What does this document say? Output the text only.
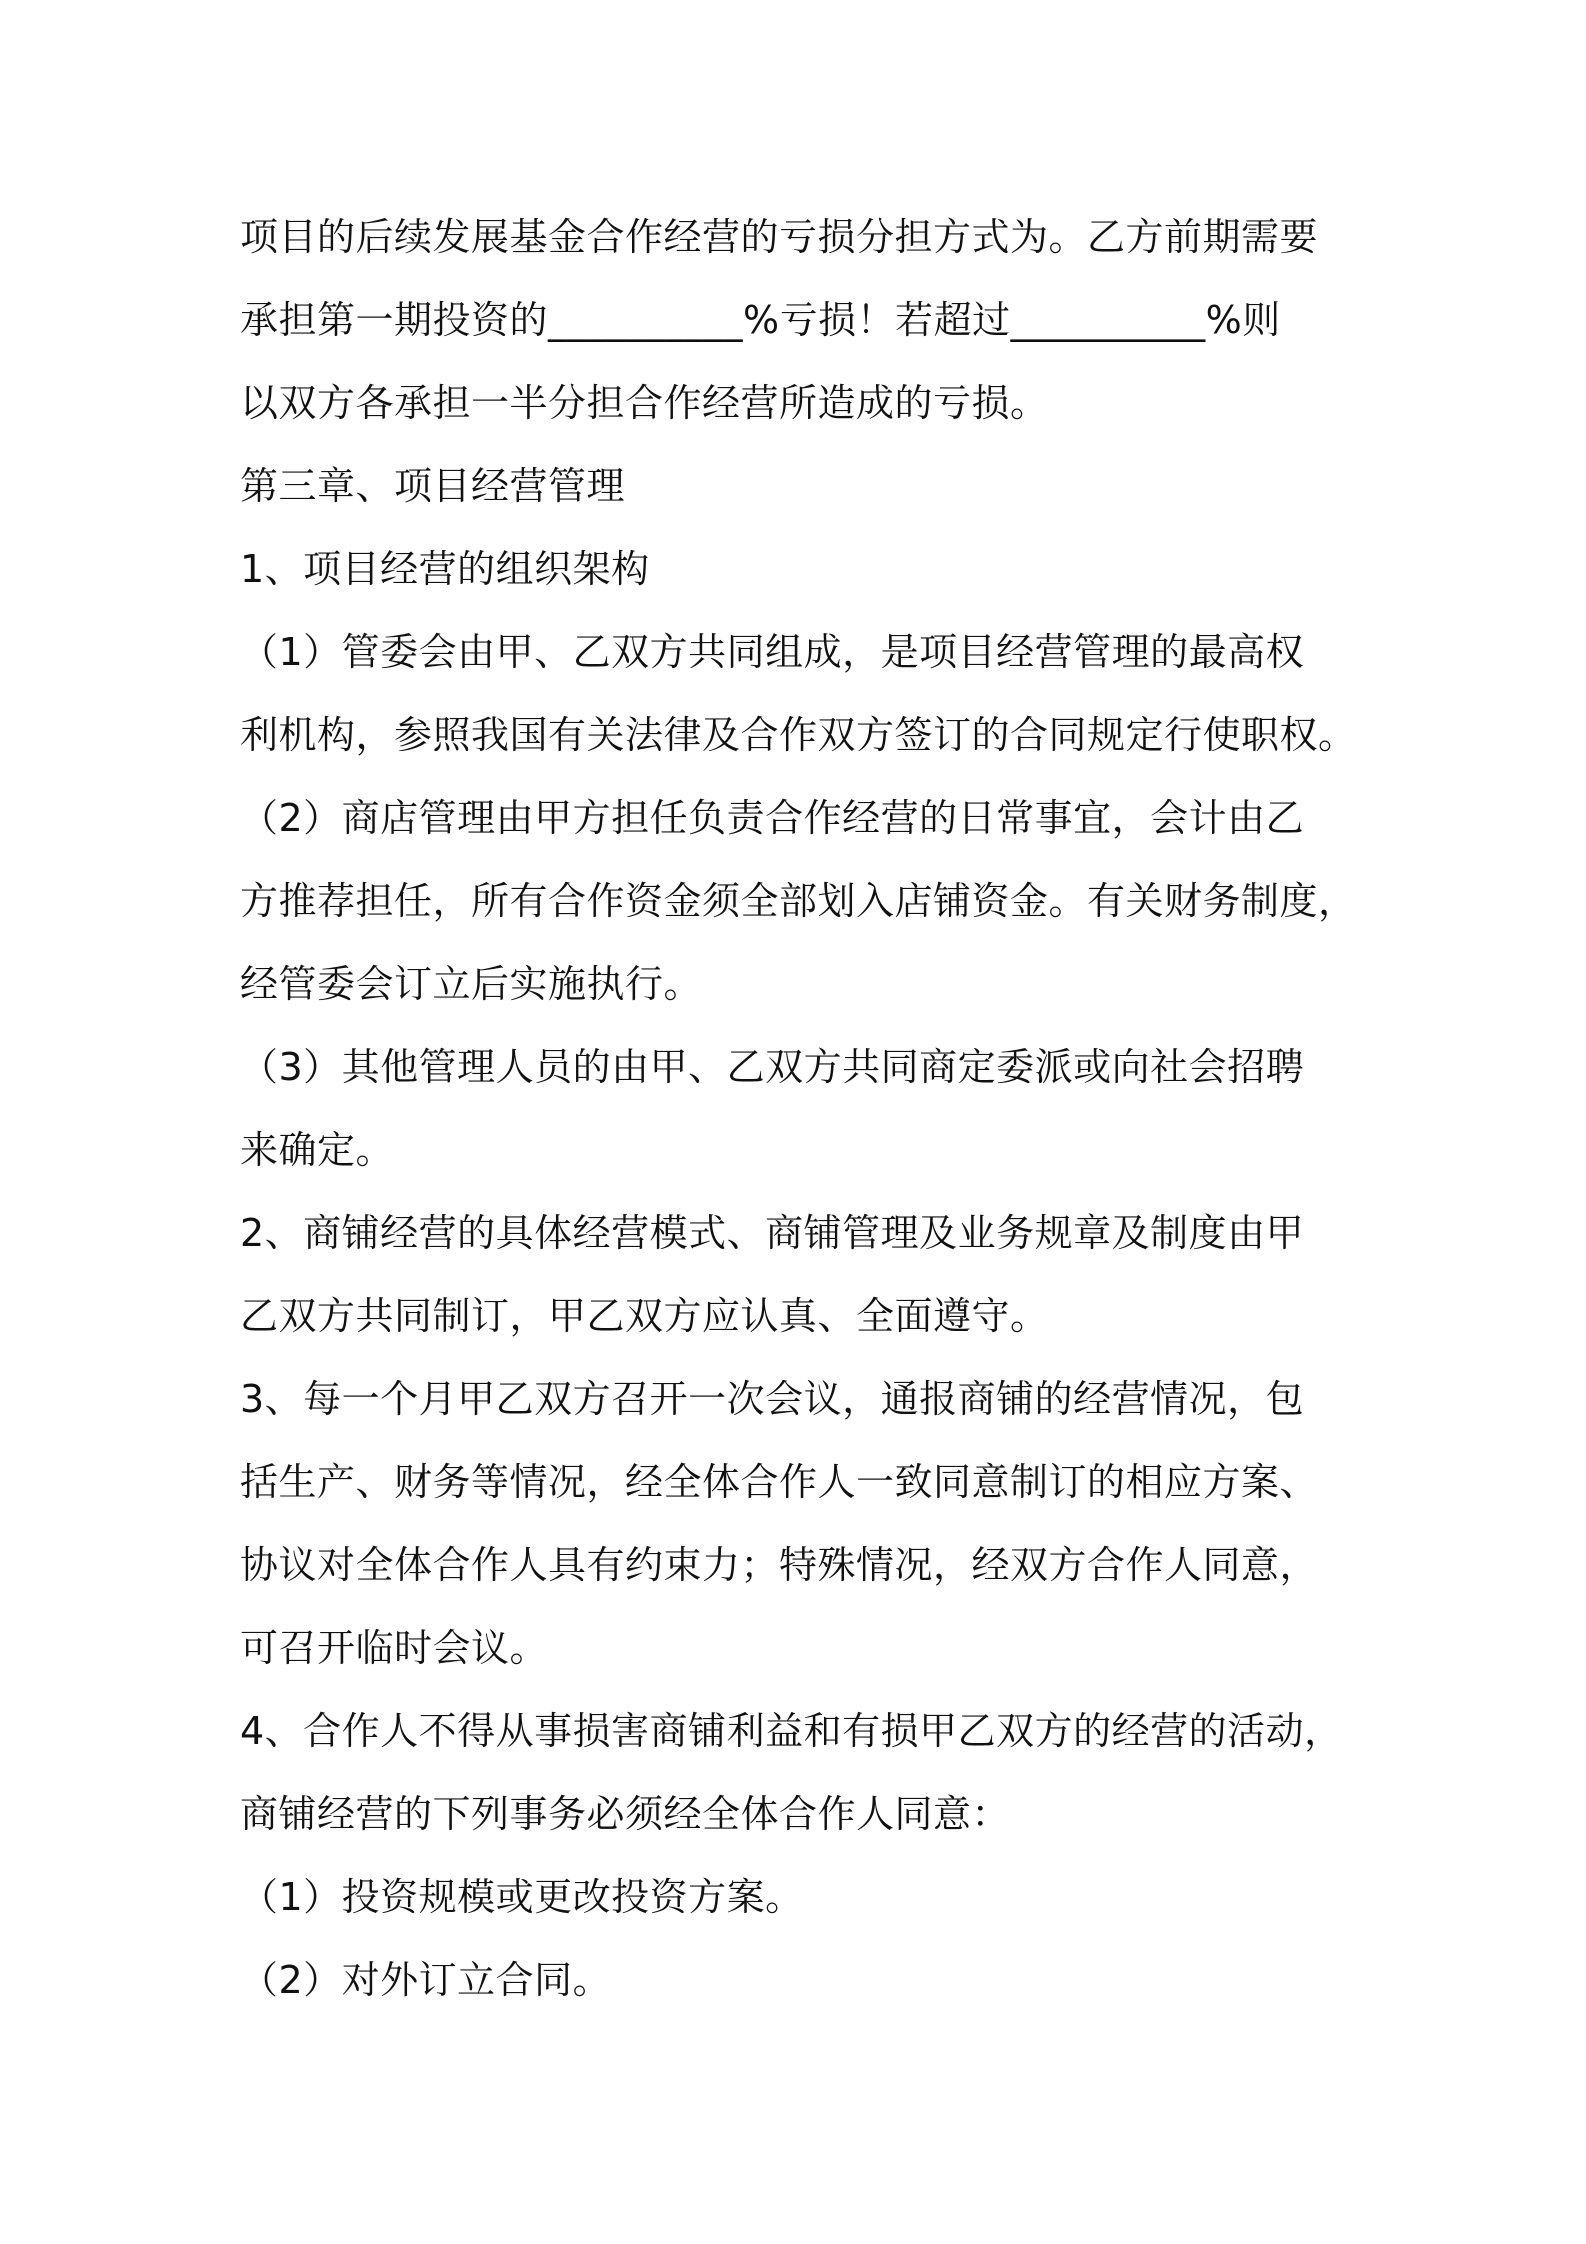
项目的后续发展基金合作经营的亏损分担方式为。乙方前期需要
承担第一期投资的__________%亏损！若超过__________%则
以双方各承担一半分担合作经营所造成的亏损。
第三章、项目经营管理
1、项目经营的组织架构
（1）管委会由甲、乙双方共同组成，是项目经营管理的最高权
利机构，参照我国有关法律及合作双方签订的合同规定行使职权。
（2）商店管理由甲方担任负责合作经营的日常事宜，会计由乙
方推荐担任，所有合作资金须全部划入店铺资金。有关财务制度，
经管委会订立后实施执行。
（3）其他管理人员的由甲、乙双方共同商定委派或向社会招聘
来确定。
2、商铺经营的具体经营模式、商铺管理及业务规章及制度由甲
乙双方共同制订，甲乙双方应认真、全面遵守。
3、每一个月甲乙双方召开一次会议，通报商铺的经营情况，包
括生产、财务等情况，经全体合作人一致同意制订的相应方案、
协议对全体合作人具有约束力；特殊情况，经双方合作人同意，
可召开临时会议。
4、合作人不得从事损害商铺利益和有损甲乙双方的经营的活动，
商铺经营的下列事务必须经全体合作人同意：
（1）投资规模或更改投资方案。
（2）对外订立合同。
